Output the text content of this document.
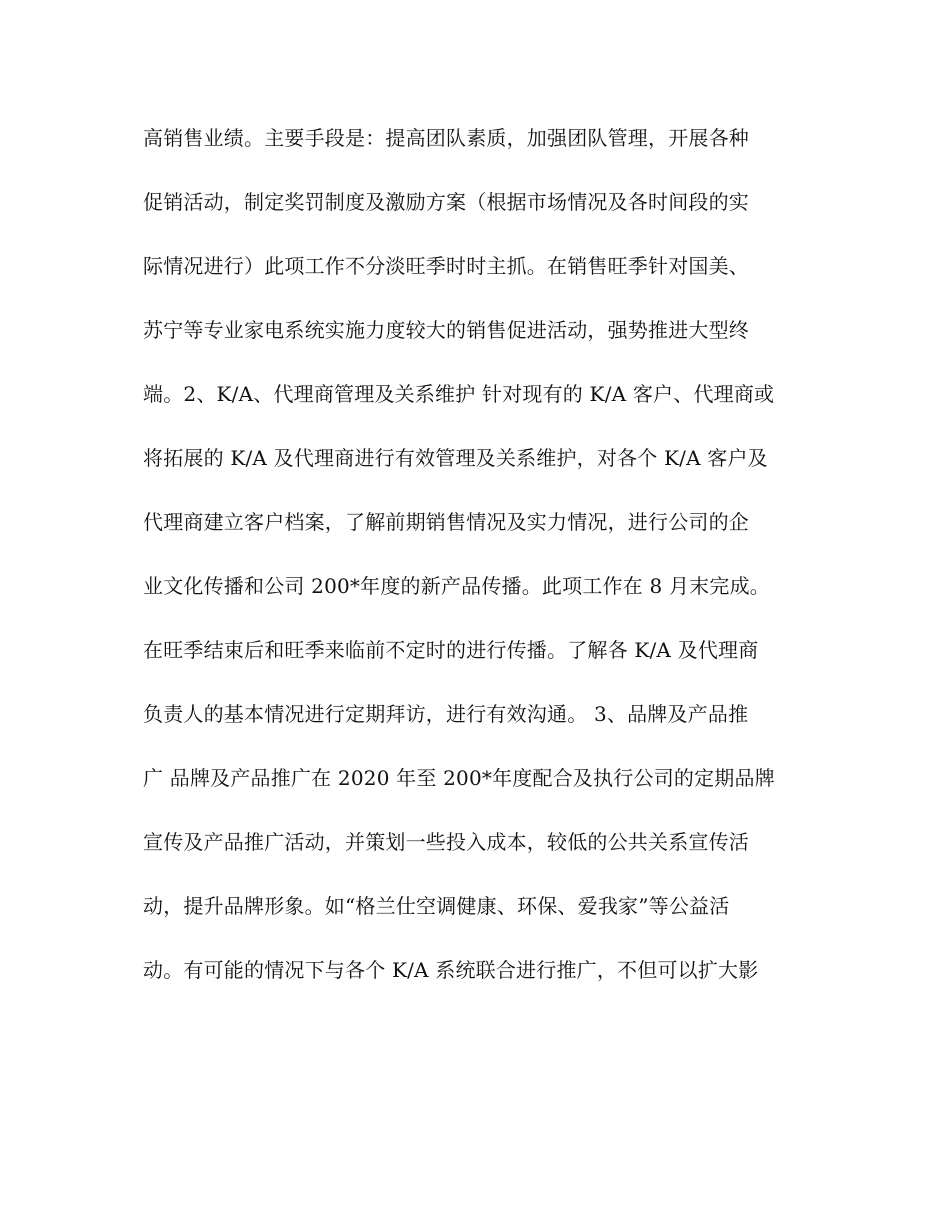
高销售业绩。主要手段是：提高团队素质，加强团队管理，开展各种
促销活动，制定奖罚制度及激励方案（根据市场情况及各时间段的实
际情况进行）此项工作不分淡旺季时时主抓。在销售旺季针对国美、
苏宁等专业家电系统实施力度较大的销售促进活动，强势推进大型终
端。2、K/A、代理商管理及关系维护 针对现有的 K/A 客户、代理商或
将拓展的 K/A 及代理商进行有效管理及关系维护，对各个 K/A 客户及
代理商建立客户档案，了解前期销售情况及实力情况，进行公司的企
业文化传播和公司 200*年度的新产品传播。此项工作在 8 月末完成。
在旺季结束后和旺季来临前不定时的进行传播。了解各 K/A 及代理商
负责人的基本情况进行定期拜访，进行有效沟通。 3、品牌及产品推
广 品牌及产品推广在 2020 年至 200*年度配合及执行公司的定期品牌
宣传及产品推广活动，并策划一些投入成本，较低的公共关系宣传活
动，提升品牌形象。如“格兰仕空调健康、环保、爱我家”等公益活
动。有可能的情况下与各个 K/A 系统联合进行推广，不但可以扩大影
